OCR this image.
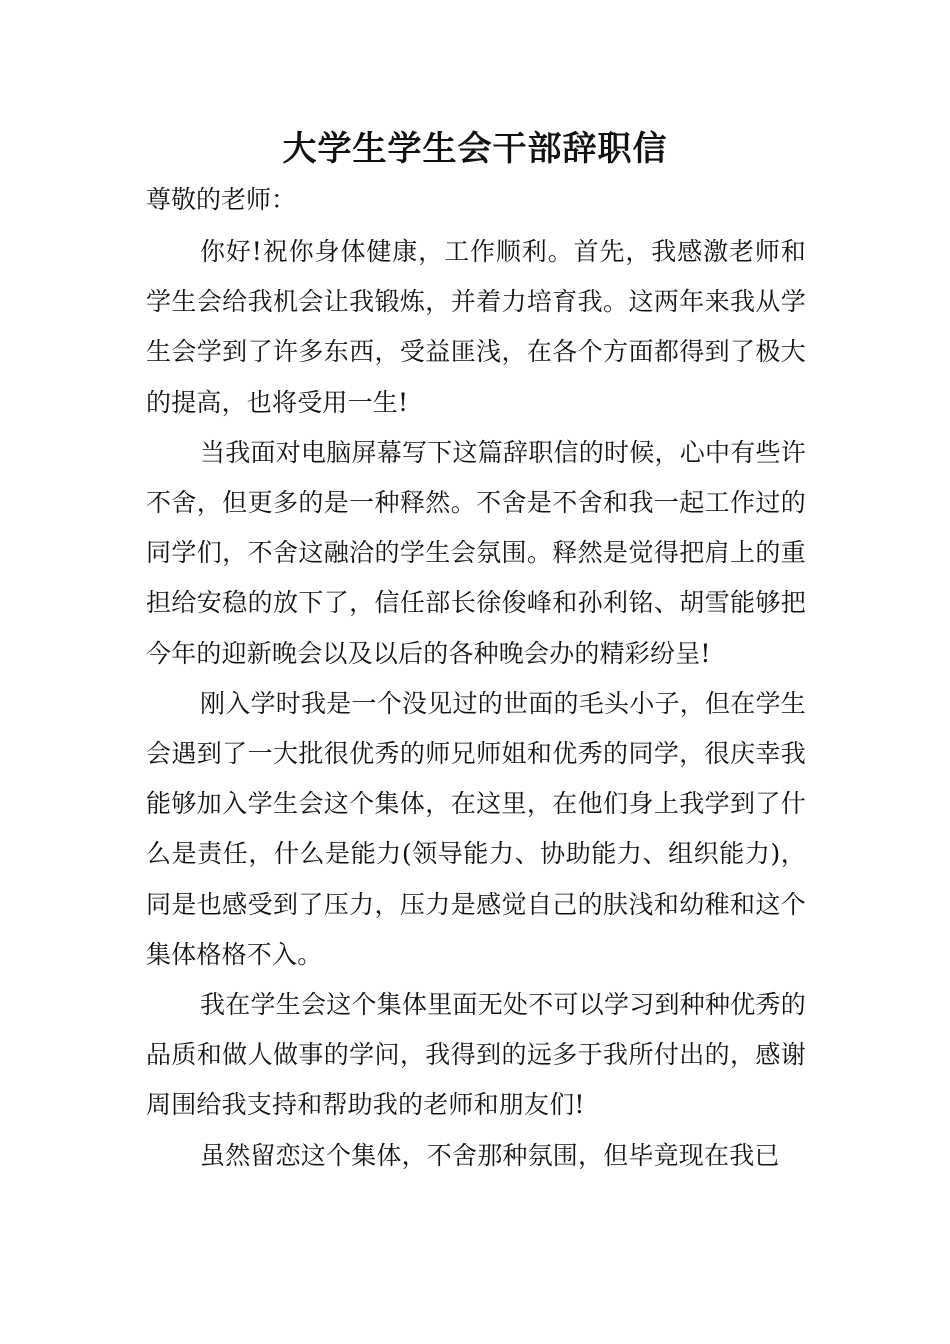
大学生学生会干部辞职信

尊敬的老师：

你好!祝你身体健康，工作顺利。首先，我感激老师和学生会给我机会让我锻炼，并着力培育我。这两年来我从学生会学到了许多东西，受益匪浅，在各个方面都得到了极大的提高，也将受用一生!

当我面对电脑屏幕写下这篇辞职信的时候，心中有些许不舍，但更多的是一种释然。不舍是不舍和我一起工作过的同学们，不舍这融洽的学生会氛围。释然是觉得把肩上的重担给安稳的放下了，信任部长徐俊峰和孙利铭、胡雪能够把今年的迎新晚会以及以后的各种晚会办的精彩纷呈!

刚入学时我是一个没见过的世面的毛头小子，但在学生会遇到了一大批很优秀的师兄师姐和优秀的同学，很庆幸我能够加入学生会这个集体，在这里，在他们身上我学到了什么是责任，什么是能力(领导能力、协助能力、组织能力)，同是也感受到了压力，压力是感觉自己的肤浅和幼稚和这个集体格格不入。

我在学生会这个集体里面无处不可以学习到种种优秀的品质和做人做事的学问，我得到的远多于我所付出的，感谢周围给我支持和帮助我的老师和朋友们!

虽然留恋这个集体，不舍那种氛围，但毕竟现在我已
